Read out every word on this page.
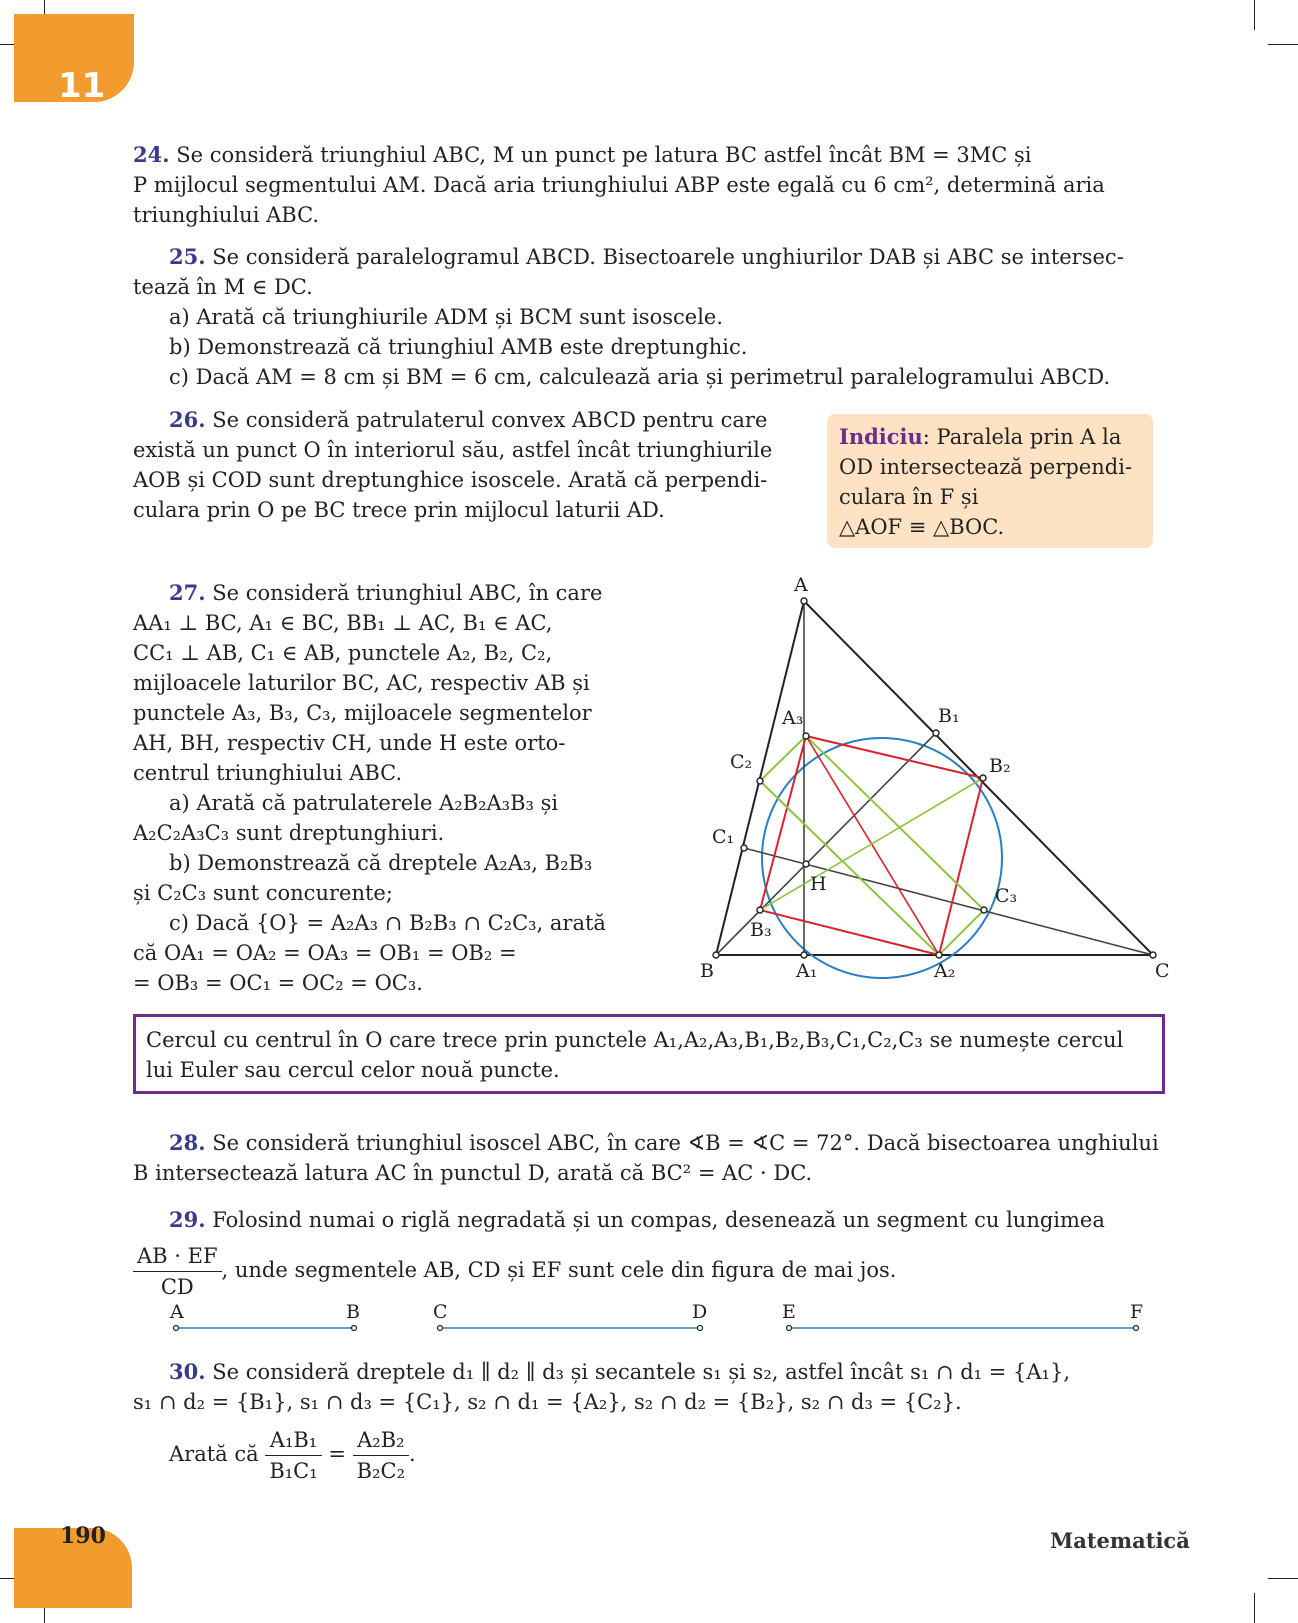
11
24. Se consideră triunghiul ABC, M un punct pe latura BC astfel încât BM = 3MC și
P mijlocul segmentului AM. Dacă aria triunghiului ABP este egală cu 6 cm², determină aria
triunghiului ABC.
25. Se consideră paralelogramul ABCD. Bisectoarele unghiurilor DAB și ABC se intersec-
tează în M ∈ DC.
a) Arată că triunghiurile ADM și BCM sunt isoscele.
b) Demonstrează că triunghiul AMB este dreptunghic.
c) Dacă AM = 8 cm și BM = 6 cm, calculează aria și perimetrul paralelogramului ABCD.
26. Se consideră patrulaterul convex ABCD pentru care
există un punct O în interiorul său, astfel încât triunghiurile
AOB și COD sunt dreptunghice isoscele. Arată că perpendi-
culara prin O pe BC trece prin mijlocul laturii AD.
Indiciu: Paralela prin A la
OD intersectează perpendi-
culara în F și
△AOF ≡ △BOC.
27. Se consideră triunghiul ABC, în care
AA₁ ⊥ BC, A₁ ∈ BC, BB₁ ⊥ AC, B₁ ∈ AC,
CC₁ ⊥ AB, C₁ ∈ AB, punctele A₂, B₂, C₂,
mijloacele laturilor BC, AC, respectiv AB și
punctele A₃, B₃, C₃, mijloacele segmentelor
AH, BH, respectiv CH, unde H este orto-
centrul triunghiului ABC.
a) Arată că patrulaterele A₂B₂A₃B₃ și
A₂C₂A₃C₃ sunt dreptunghiuri.
b) Demonstrează că dreptele A₂A₃, B₂B₃
și C₂C₃ sunt concurente;
c) Dacă {O} = A₂A₃ ∩ B₂B₃ ∩ C₂C₃, arată
că OA₁ = OA₂ = OA₃ = OB₁ = OB₂ =
= OB₃ = OC₁ = OC₂ = OC₃.
A
B	C
H
A₁	A₂
A₃	B₁
B₂
B₃
C₁
C₂
C₃
Cercul cu centrul în O care trece prin punctele A₁,A₂,A₃,B₁,B₂,B₃,C₁,C₂,C₃ se numește cercul
lui Euler sau cercul celor nouă puncte.
28. Se consideră triunghiul isoscel ABC, în care ∢B = ∢C = 72°. Dacă bisectoarea unghiului
B intersectează latura AC în punctul D, arată că BC² = AC · DC.
29. Folosind numai o riglă negradată și un compas, desenează un segment cu lungimea
$\frac{AB \cdot EF}{CD}$ , unde segmentele AB, CD și EF sunt cele din figura de mai jos.
A	B	C	D	E	F
30. Se consideră dreptele d₁ ∥ d₂ ∥ d₃ și secantele s₁ și s₂, astfel încât s₁ ∩ d₁ = {A₁},
s₁ ∩ d₂ = {B₁}, s₁ ∩ d₃ = {C₁}, s₂ ∩ d₁ = {A₂}, s₂ ∩ d₂ = {B₂}, s₂ ∩ d₃ = {C₂}.
Arată că $\frac{\text{A₁B₁}}{\text{B₁C₁}} = \frac{\text{A₂B₂}}{\text{B₂C₂}}$ .
190	Matematică
